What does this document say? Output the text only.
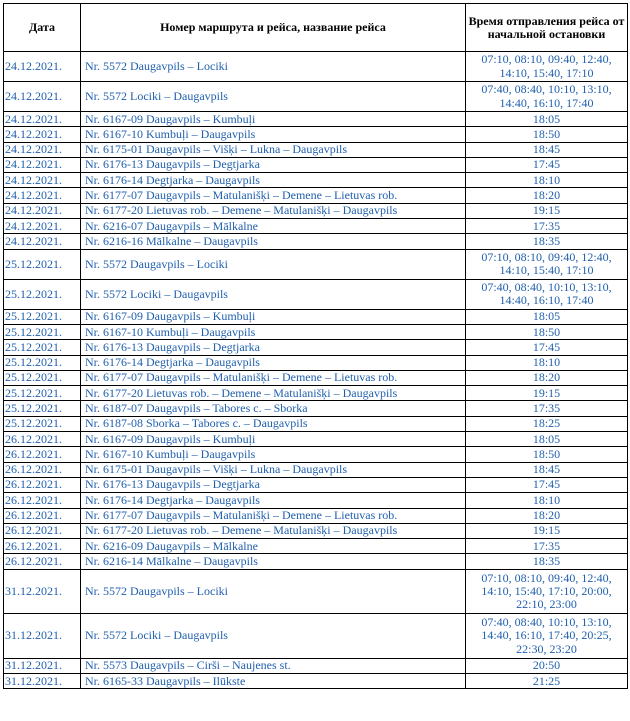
Дата	Номер маршрута и рейса, название рейса	Время отправления рейса от начальной остановки
24.12.2021.	Nr. 5572 Daugavpils – Lociki	07:10, 08:10, 09:40, 12:40, 14:10, 15:40, 17:10
24.12.2021.	Nr. 5572 Lociki – Daugavpils	07:40, 08:40, 10:10, 13:10, 14:40, 16:10, 17:40
24.12.2021.	Nr. 6167-09 Daugavpils – Kumbuļi	18:05
24.12.2021.	Nr. 6167-10 Kumbuļi – Daugavpils	18:50
24.12.2021.	Nr. 6175-01 Daugavpils – Višķi – Lukna – Daugavpils	18:45
24.12.2021.	Nr. 6176-13 Daugavpils – Degtjarka	17:45
24.12.2021.	Nr. 6176-14 Degtjarka – Daugavpils	18:10
24.12.2021.	Nr. 6177-07 Daugavpils – Matulanišķi – Demene – Lietuvas rob.	18:20
24.12.2021.	Nr. 6177-20 Lietuvas rob. – Demene – Matulanišķi – Daugavpils	19:15
24.12.2021.	Nr. 6216-07 Daugavpils – Mālkalne	17:35
24.12.2021.	Nr. 6216-16 Mālkalne – Daugavpils	18:35
25.12.2021.	Nr. 5572 Daugavpils – Lociki	07:10, 08:10, 09:40, 12:40, 14:10, 15:40, 17:10
25.12.2021.	Nr. 5572 Lociki – Daugavpils	07:40, 08:40, 10:10, 13:10, 14:40, 16:10, 17:40
25.12.2021.	Nr. 6167-09 Daugavpils – Kumbuļi	18:05
25.12.2021.	Nr. 6167-10 Kumbuļi – Daugavpils	18:50
25.12.2021.	Nr. 6176-13 Daugavpils – Degtjarka	17:45
25.12.2021.	Nr. 6176-14 Degtjarka – Daugavpils	18:10
25.12.2021.	Nr. 6177-07 Daugavpils – Matulanišķi – Demene – Lietuvas rob.	18:20
25.12.2021.	Nr. 6177-20 Lietuvas rob. – Demene – Matulanišķi – Daugavpils	19:15
25.12.2021.	Nr. 6187-07 Daugavpils – Tabores c. – Sborka	17:35
25.12.2021.	Nr. 6187-08 Sborka – Tabores c. – Daugavpils	18:25
26.12.2021.	Nr. 6167-09 Daugavpils – Kumbuļi	18:05
26.12.2021.	Nr. 6167-10 Kumbuļi – Daugavpils	18:50
26.12.2021.	Nr. 6175-01 Daugavpils – Višķi – Lukna – Daugavpils	18:45
26.12.2021.	Nr. 6176-13 Daugavpils – Degtjarka	17:45
26.12.2021.	Nr. 6176-14 Degtjarka – Daugavpils	18:10
26.12.2021.	Nr. 6177-07 Daugavpils – Matulanišķi – Demene – Lietuvas rob.	18:20
26.12.2021.	Nr. 6177-20 Lietuvas rob. – Demene – Matulanišķi – Daugavpils	19:15
26.12.2021.	Nr. 6216-09 Daugavpils – Mālkalne	17:35
26.12.2021.	Nr. 6216-14 Mālkalne – Daugavpils	18:35
31.12.2021.	Nr. 5572 Daugavpils – Lociki	07:10, 08:10, 09:40, 12:40, 14:10, 15:40, 17:10, 20:00, 22:10, 23:00
31.12.2021.	Nr. 5572 Lociki – Daugavpils	07:40, 08:40, 10:10, 13:10, 14:40, 16:10, 17:40, 20:25, 22:30, 23:20
31.12.2021.	Nr. 5573 Daugavpils – Cirši – Naujenes st.	20:50
31.12.2021.	Nr. 6165-33 Daugavpils – Ilūkste	21:25
